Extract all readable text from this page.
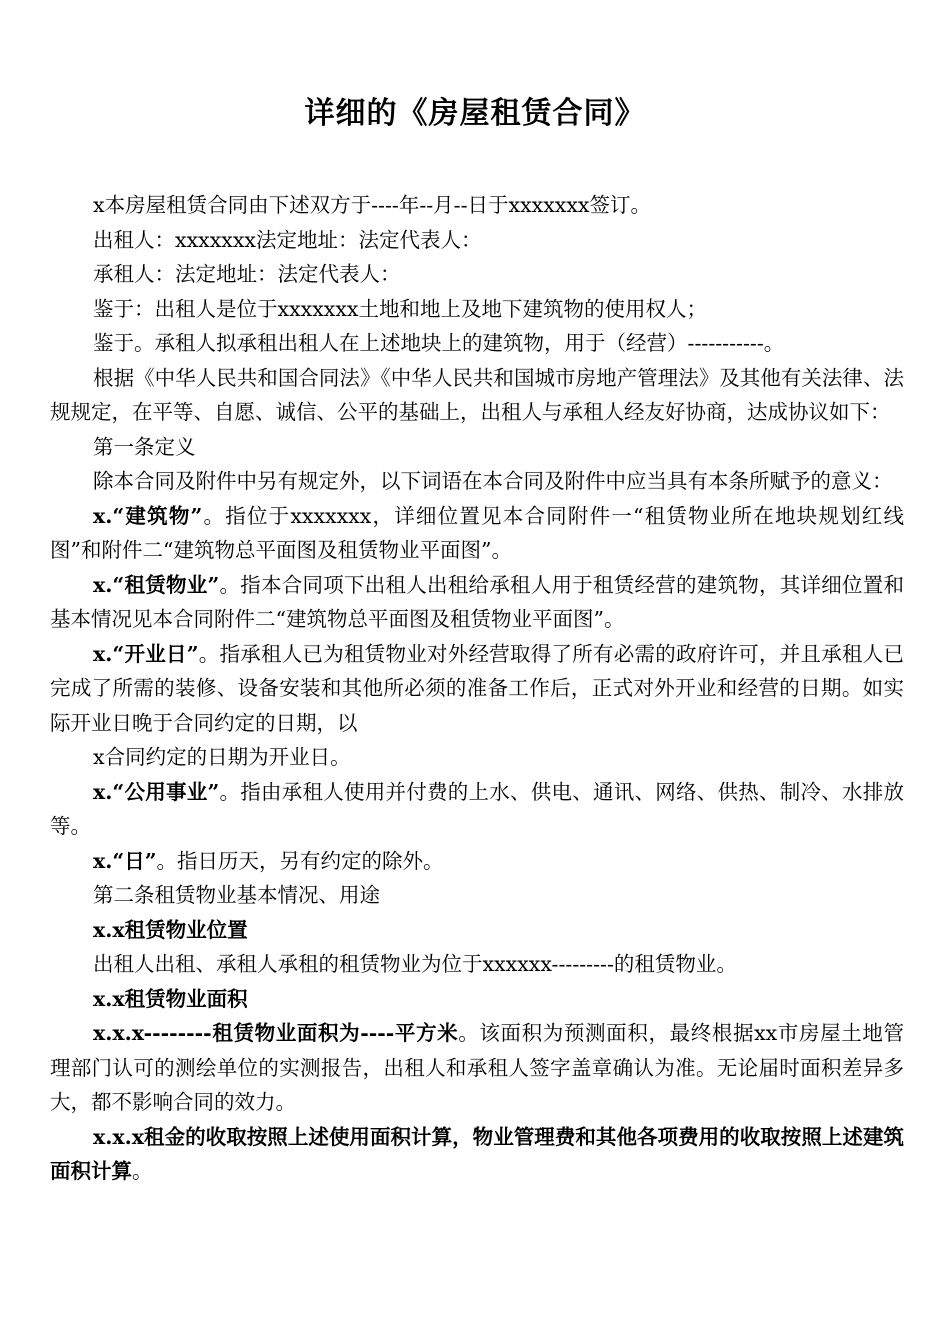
详细的《房屋租赁合同》

x本房屋租赁合同由下述双方于----年--月--日于xxxxxxx签订。

出租人：xxxxxxx法定地址：法定代表人：

承租人：法定地址：法定代表人：

鉴于：出租人是位于xxxxxxx土地和地上及地下建筑物的使用权人；

鉴于。承租人拟承租出租人在上述地块上的建筑物，用于（经营）-----------。

根据《中华人民共和国合同法》《中华人民共和国城市房地产管理法》及其他有关法律、法规规定，在平等、自愿、诚信、公平的基础上，出租人与承租人经友好协商，达成协议如下：

第一条定义

除本合同及附件中另有规定外，以下词语在本合同及附件中应当具有本条所赋予的意义：

x.“建筑物”。指位于xxxxxxx，详细位置见本合同附件一“租赁物业所在地块规划红线图”和附件二“建筑物总平面图及租赁物业平面图”。

x.“租赁物业”。指本合同项下出租人出租给承租人用于租赁经营的建筑物，其详细位置和基本情况见本合同附件二“建筑物总平面图及租赁物业平面图”。

x.“开业日”。指承租人已为租赁物业对外经营取得了所有必需的政府许可，并且承租人已完成了所需的装修、设备安装和其他所必须的准备工作后，正式对外开业和经营的日期。如实际开业日晚于合同约定的日期，以

x合同约定的日期为开业日。

x.“公用事业”。指由承租人使用并付费的上水、供电、通讯、网络、供热、制冷、水排放等。

x.“日”。指日历天，另有约定的除外。

第二条租赁物业基本情况、用途

x.x租赁物业位置

出租人出租、承租人承租的租赁物业为位于xxxxxx---------的租赁物业。

x.x租赁物业面积

x.x.x--------租赁物业面积为----平方米。该面积为预测面积，最终根据xx市房屋土地管理部门认可的测绘单位的实测报告，出租人和承租人签字盖章确认为准。无论届时面积差异多大，都不影响合同的效力。

x.x.x租金的收取按照上述使用面积计算，物业管理费和其他各项费用的收取按照上述建筑面积计算。
